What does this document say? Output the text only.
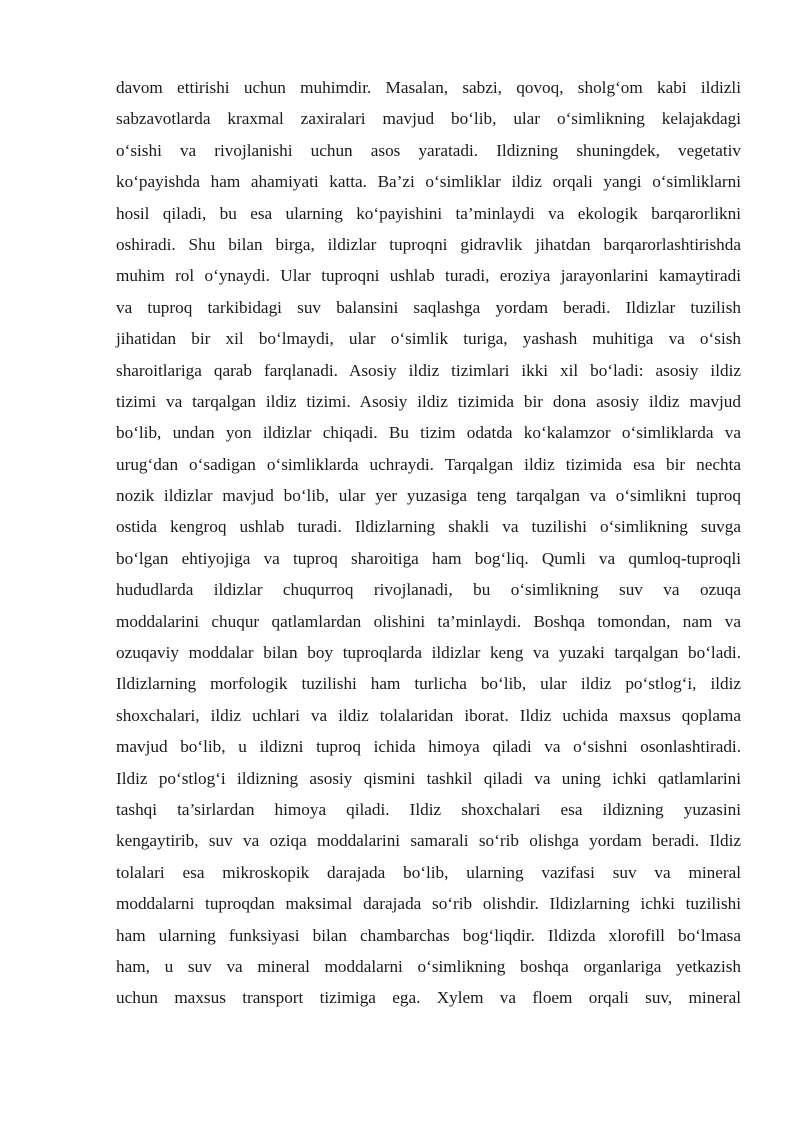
davom ettirishi uchun muhimdir. Masalan, sabzi, qovoq, sholg‘om kabi ildizli
sabzavotlarda kraxmal zaxiralari mavjud bo‘lib, ular o‘simlikning kelajakdagi
o‘sishi va rivojlanishi uchun asos yaratadi. Ildizning shuningdek, vegetativ
ko‘payishda ham ahamiyati katta. Ba’zi o‘simliklar ildiz orqali yangi o‘simliklarni
hosil qiladi, bu esa ularning ko‘payishini ta’minlaydi va ekologik barqarorlikni
oshiradi. Shu bilan birga, ildizlar tuproqni gidravlik jihatdan barqarorlashtirishda
muhim rol o‘ynaydi. Ular tuproqni ushlab turadi, eroziya jarayonlarini kamaytiradi
va tuproq tarkibidagi suv balansini saqlashga yordam beradi. Ildizlar tuzilish
jihatidan bir xil bo‘lmaydi, ular o‘simlik turiga, yashash muhitiga va o‘sish
sharoitlariga qarab farqlanadi. Asosiy ildiz tizimlari ikki xil bo‘ladi: asosiy ildiz
tizimi va tarqalgan ildiz tizimi. Asosiy ildiz tizimida bir dona asosiy ildiz mavjud
bo‘lib, undan yon ildizlar chiqadi. Bu tizim odatda ko‘kalamzor o‘simliklarda va
urug‘dan o‘sadigan o‘simliklarda uchraydi. Tarqalgan ildiz tizimida esa bir nechta
nozik ildizlar mavjud bo‘lib, ular yer yuzasiga teng tarqalgan va o‘simlikni tuproq
ostida kengroq ushlab turadi. Ildizlarning shakli va tuzilishi o‘simlikning suvga
bo‘lgan ehtiyojiga va tuproq sharoitiga ham bog‘liq. Qumli va qumloq-tuproqli
hududlarda ildizlar chuqurroq rivojlanadi, bu o‘simlikning suv va ozuqa
moddalarini chuqur qatlamlardan olishini ta’minlaydi. Boshqa tomondan, nam va
ozuqaviy moddalar bilan boy tuproqlarda ildizlar keng va yuzaki tarqalgan bo‘ladi.
Ildizlarning morfologik tuzilishi ham turlicha bo‘lib, ular ildiz po‘stlog‘i, ildiz
shoxchalari, ildiz uchlari va ildiz tolalaridan iborat. Ildiz uchida maxsus qoplama
mavjud bo‘lib, u ildizni tuproq ichida himoya qiladi va o‘sishni osonlashtiradi.
Ildiz po‘stlog‘i ildizning asosiy qismini tashkil qiladi va uning ichki qatlamlarini
tashqi ta’sirlardan himoya qiladi. Ildiz shoxchalari esa ildizning yuzasini
kengaytirib, suv va oziqa moddalarini samarali so‘rib olishga yordam beradi. Ildiz
tolalari esa mikroskopik darajada bo‘lib, ularning vazifasi suv va mineral
moddalarni tuproqdan maksimal darajada so‘rib olishdir. Ildizlarning ichki tuzilishi
ham ularning funksiyasi bilan chambarchas bog‘liqdir. Ildizda xlorofill bo‘lmasa
ham, u suv va mineral moddalarni o‘simlikning boshqa organlariga yetkazish
uchun maxsus transport tizimiga ega. Xylem va floem orqali suv, mineral
